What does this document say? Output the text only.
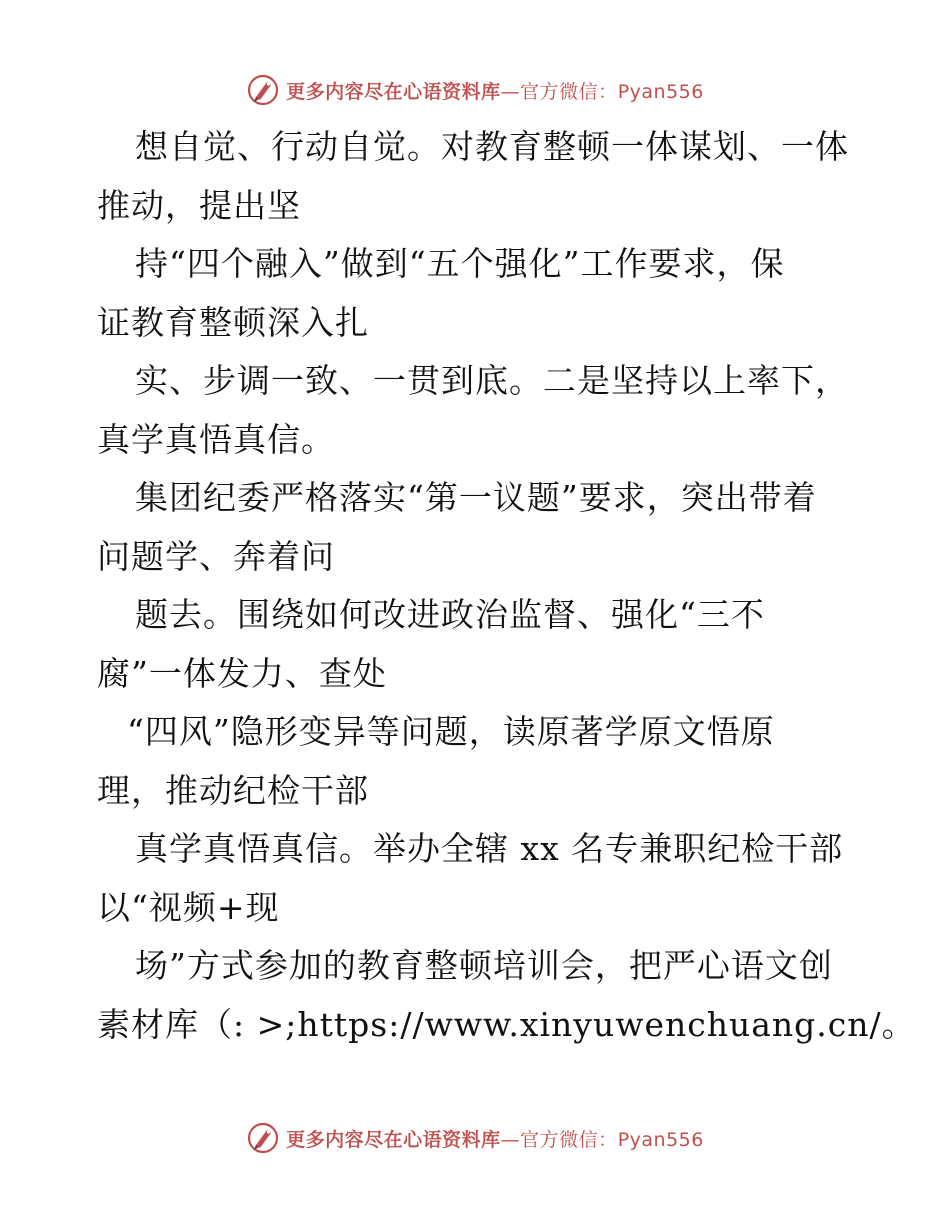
更多内容尽在心语资料库—官方微信：Pyan556
想自觉、行动自觉。对教育整顿一体谋划、一体
推动，提出坚
持“四个融入”做到“五个强化”工作要求，保
证教育整顿深入扎
实、步调一致、一贯到底。二是坚持以上率下，
真学真悟真信。
集团纪委严格落实“第一议题”要求，突出带着
问题学、奔着问
题去。围绕如何改进政治监督、强化“三不
腐”一体发力、查处
“四风”隐形变异等问题，读原著学原文悟原
理，推动纪检干部
真学真悟真信。举办全辖 xx 名专兼职纪检干部
以“视频+现
场”方式参加的教育整顿培训会，把严心语文创
素材库（: >;https://www.xinyuwenchuang.cn/。
更多内容尽在心语资料库—官方微信：Pyan556
